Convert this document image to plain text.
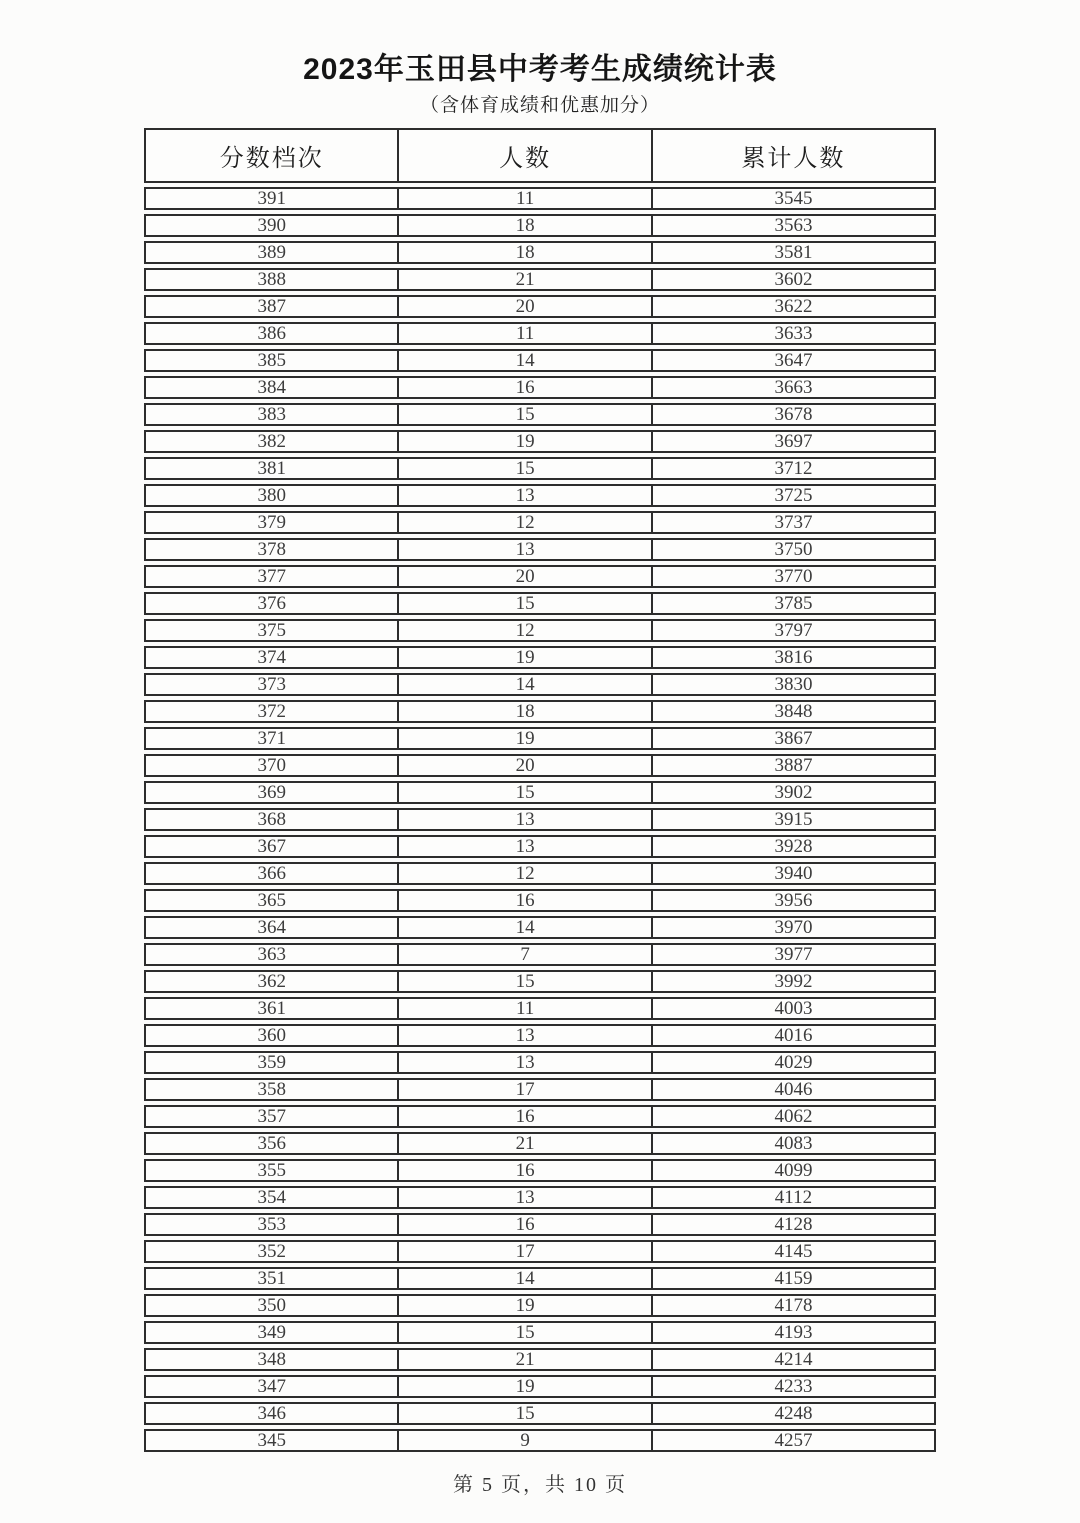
2023年玉田县中考考生成绩统计表
（含体育成绩和优惠加分）
分数档次	人数	累计人数
391	11	3545
390	18	3563
389	18	3581
388	21	3602
387	20	3622
386	11	3633
385	14	3647
384	16	3663
383	15	3678
382	19	3697
381	15	3712
380	13	3725
379	12	3737
378	13	3750
377	20	3770
376	15	3785
375	12	3797
374	19	3816
373	14	3830
372	18	3848
371	19	3867
370	20	3887
369	15	3902
368	13	3915
367	13	3928
366	12	3940
365	16	3956
364	14	3970
363	7	3977
362	15	3992
361	11	4003
360	13	4016
359	13	4029
358	17	4046
357	16	4062
356	21	4083
355	16	4099
354	13	4112
353	16	4128
352	17	4145
351	14	4159
350	19	4178
349	15	4193
348	21	4214
347	19	4233
346	15	4248
345	9	4257
第 5 页，共 10 页
